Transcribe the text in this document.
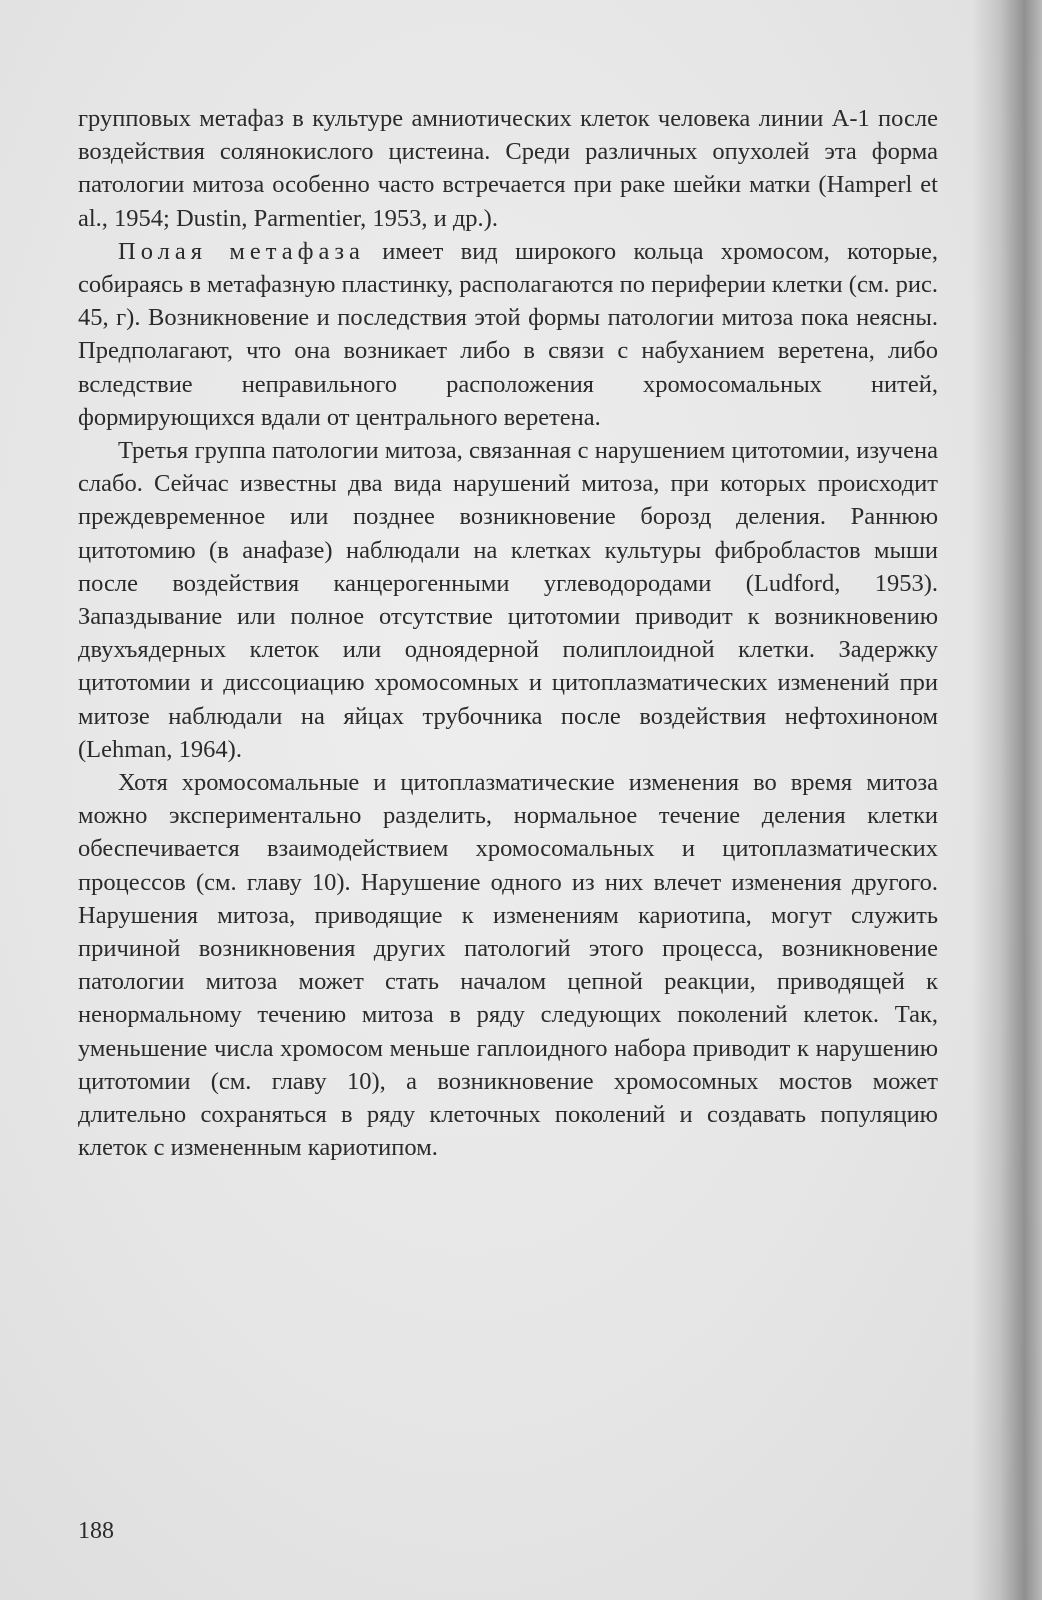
групповых метафаз в культуре амниотических клеток человека линии А-1 после воздействия солянокислого цистеина. Среди различных опухолей эта форма патологии митоза особенно часто встречается при раке шейки матки (Hamperl et al., 1954; Dustin, Parmentier, 1953, и др.).

Полая метафаза имеет вид широкого кольца хромосом, которые, собираясь в метафазную пластинку, располагаются по периферии клетки (см. рис. 45, г). Возникновение и последствия этой формы патологии митоза пока неясны. Предполагают, что она возникает либо в связи с набуханием веретена, либо вследствие неправильного расположения хромосомальных нитей, формирующихся вдали от центрального веретена.

Третья группа патологии митоза, связанная с нарушением цитотомии, изучена слабо. Сейчас известны два вида нарушений митоза, при которых происходит преждевременное или позднее возникновение борозд деления. Раннюю цитотомию (в анафазе) наблюдали на клетках культуры фибробластов мыши после воздействия канцерогенными углеводородами (Ludford, 1953). Запаздывание или полное отсутствие цитотомии приводит к возникновению двухъядерных клеток или одноядерной полиплоидной клетки. Задержку цитотомии и диссоциацию хромосомных и цитоплазматических изменений при митозе наблюдали на яйцах трубочника после воздействия нефтохиноном (Lehman, 1964).

Хотя хромосомальные и цитоплазматические изменения во время митоза можно экспериментально разделить, нормальное течение деления клетки обеспечивается взаимодействием хромосомальных и цитоплазматических процессов (см. главу 10). Нарушение одного из них влечет изменения другого. Нарушения митоза, приводящие к изменениям кариотипа, могут служить причиной возникновения других патологий этого процесса, возникновение патологии митоза может стать началом цепной реакции, приводящей к ненормальному течению митоза в ряду следующих поколений клеток. Так, уменьшение числа хромосом меньше гаплоидного набора приводит к нарушению цитотомии (см. главу 10), а возникновение хромосомных мостов может длительно сохраняться в ряду клеточных поколений и создавать популяцию клеток с измененным кариотипом.

188
